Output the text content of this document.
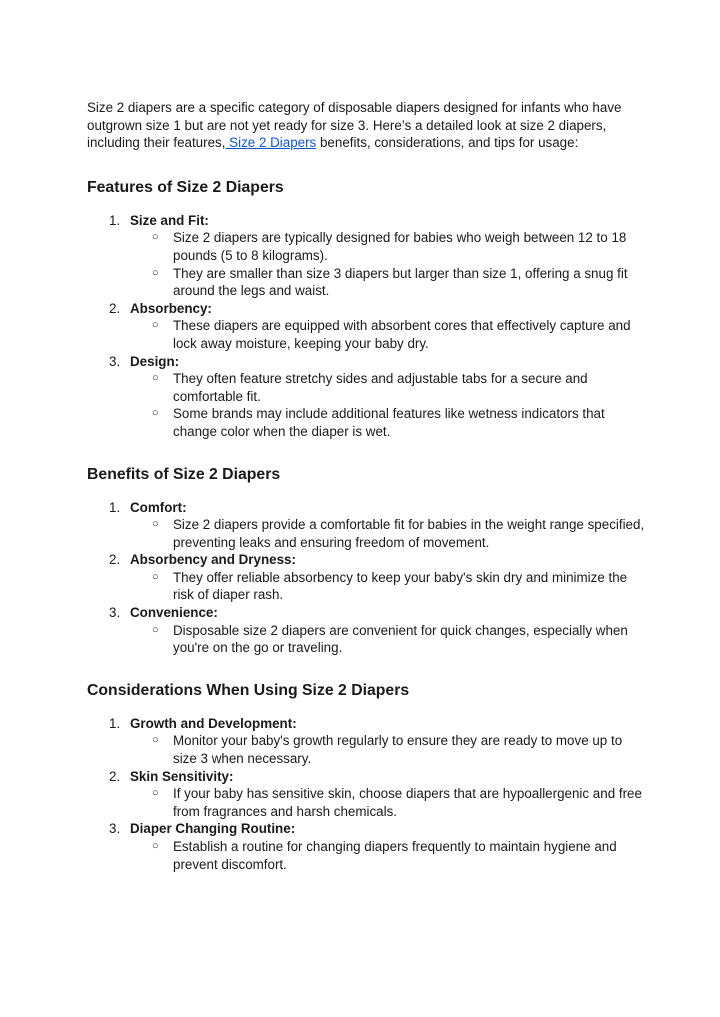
Size 2 diapers are a specific category of disposable diapers designed for infants who have outgrown size 1 but are not yet ready for size 3. Here’s a detailed look at size 2 diapers, including their features, Size 2 Diapers benefits, considerations, and tips for usage:

Features of Size 2 Diapers
1. Size and Fit:
○ Size 2 diapers are typically designed for babies who weigh between 12 to 18 pounds (5 to 8 kilograms).
○ They are smaller than size 3 diapers but larger than size 1, offering a snug fit around the legs and waist.
2. Absorbency:
○ These diapers are equipped with absorbent cores that effectively capture and lock away moisture, keeping your baby dry.
3. Design:
○ They often feature stretchy sides and adjustable tabs for a secure and comfortable fit.
○ Some brands may include additional features like wetness indicators that change color when the diaper is wet.
Benefits of Size 2 Diapers
1. Comfort:
○ Size 2 diapers provide a comfortable fit for babies in the weight range specified, preventing leaks and ensuring freedom of movement.
2. Absorbency and Dryness:
○ They offer reliable absorbency to keep your baby's skin dry and minimize the risk of diaper rash.
3. Convenience:
○ Disposable size 2 diapers are convenient for quick changes, especially when you're on the go or traveling.
Considerations When Using Size 2 Diapers
1. Growth and Development:
○ Monitor your baby's growth regularly to ensure they are ready to move up to size 3 when necessary.
2. Skin Sensitivity:
○ If your baby has sensitive skin, choose diapers that are hypoallergenic and free from fragrances and harsh chemicals.
3. Diaper Changing Routine:
○ Establish a routine for changing diapers frequently to maintain hygiene and prevent discomfort.
